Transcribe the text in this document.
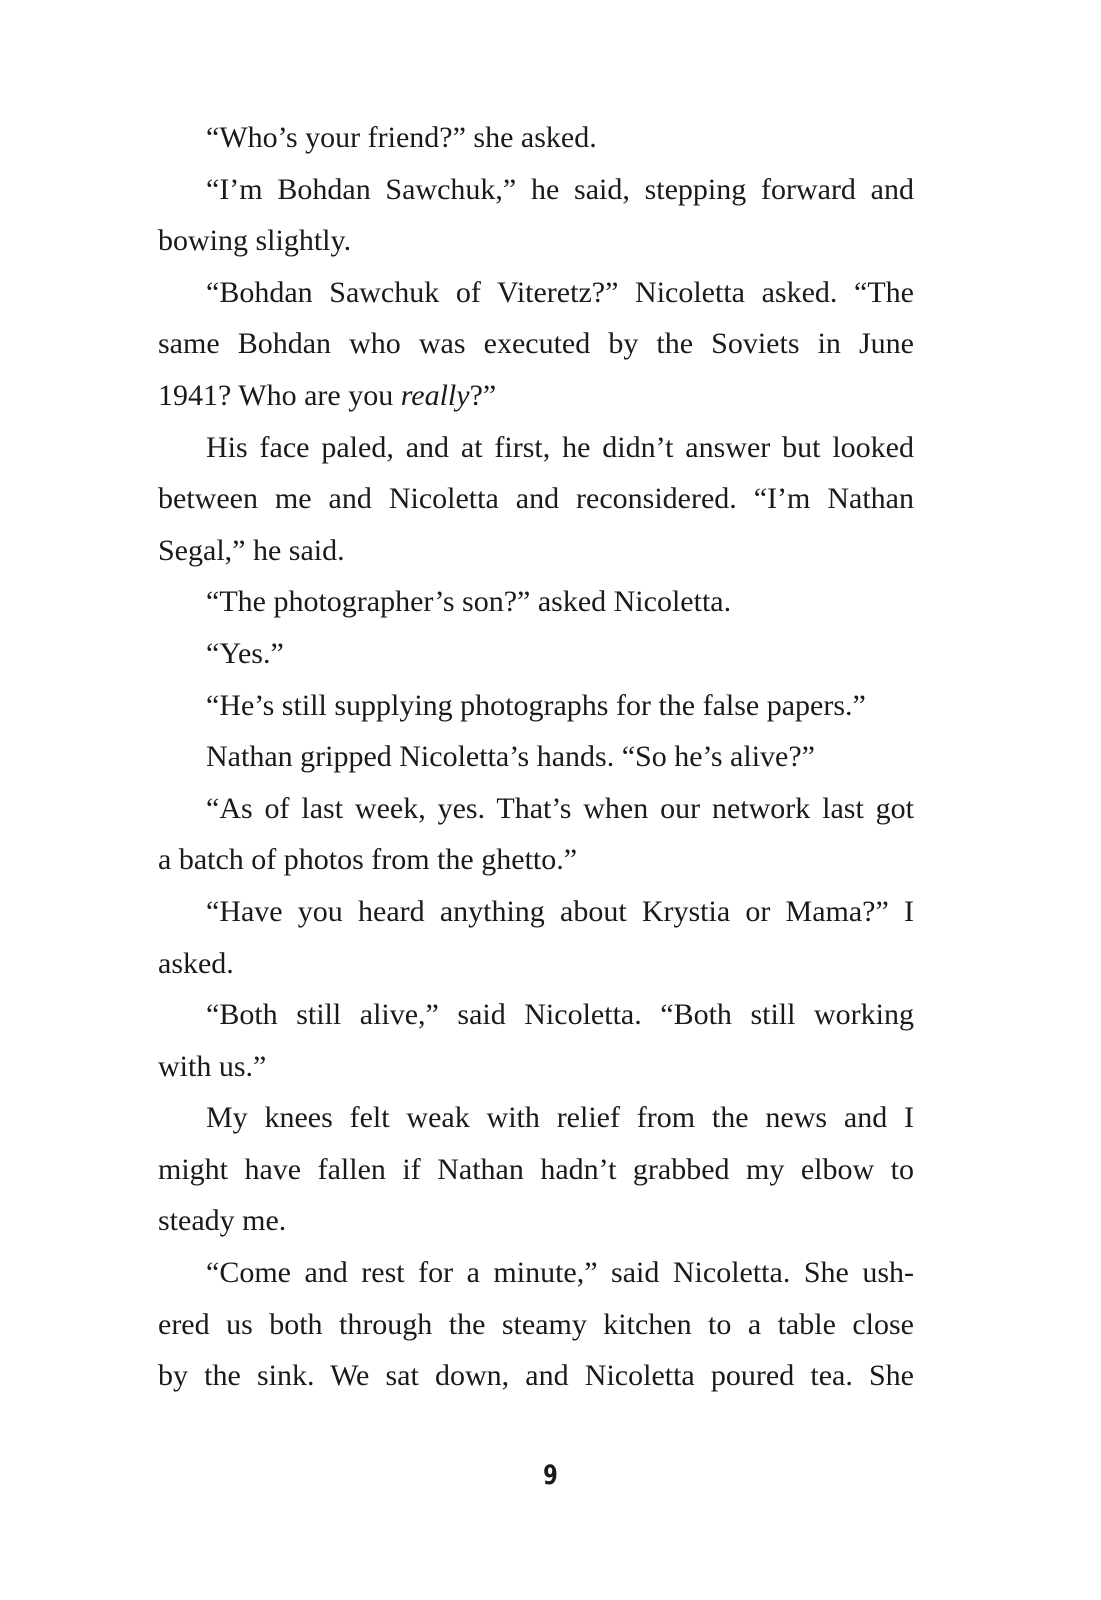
“Who’s your friend?” she asked.
“I’m Bohdan Sawchuk,” he said, stepping forward and
bowing slightly.
“Bohdan Sawchuk of Viteretz?” Nicoletta asked. “The
same Bohdan who was executed by the Soviets in June
1941? Who are you really?”
His face paled, and at first, he didn’t answer but looked
between me and Nicoletta and reconsidered. “I’m Nathan
Segal,” he said.
“The photographer’s son?” asked Nicoletta.
“Yes.”
“He’s still supplying photographs for the false papers.”
Nathan gripped Nicoletta’s hands. “So he’s alive?”
“As of last week, yes. That’s when our network last got
a batch of photos from the ghetto.”
“Have you heard anything about Krystia or Mama?” I
asked.
“Both still alive,” said Nicoletta. “Both still working
with us.”
My knees felt weak with relief from the news and I
might have fallen if Nathan hadn’t grabbed my elbow to
steady me.
“Come and rest for a minute,” said Nicoletta. She ush-
ered us both through the steamy kitchen to a table close
by the sink. We sat down, and Nicoletta poured tea. She
9
